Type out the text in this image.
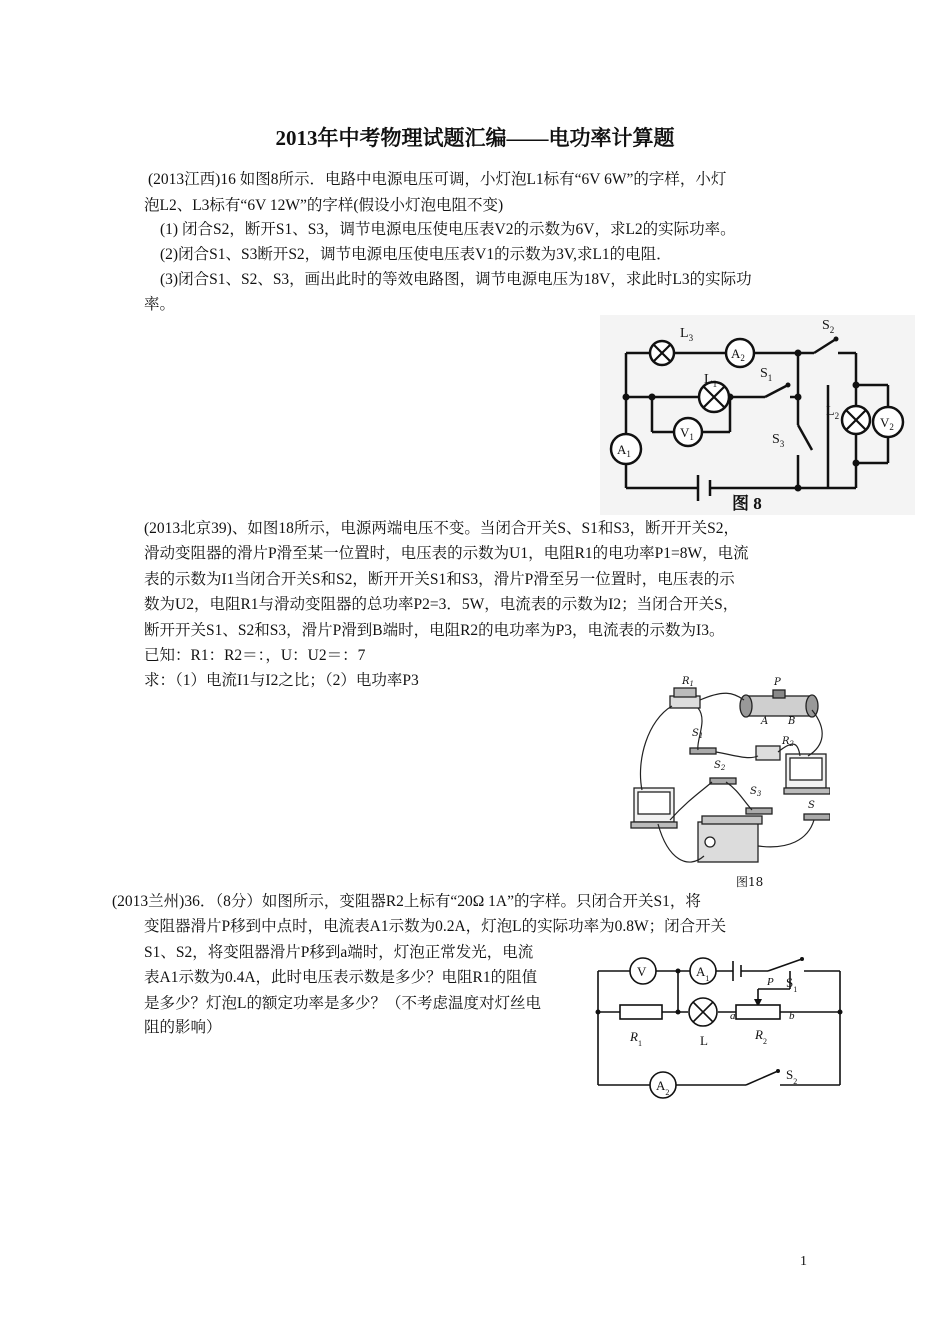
2013年中考物理试题汇编——电功率计算题
(2013江西)16 如图8所示．电路中电源电压可调，小灯泡L1标有“6V 6W”的字样，小灯
泡L2、L3标有“6V 12W”的字样(假设小灯泡电阻不变)
(1) 闭合S2，断开S1、S3，调节电源电压使电压表V2的示数为6V，求L2的实际功率。
(2)闭合S1、S3断开S2，调节电源电压使电压表V1的示数为3V,求L1的电阻．
(3)闭合S1、S2、S3，画出此时的等效电路图，调节电源电压为18V，求此时L3的实际功
率。
$L_3$
$A_2$
$S_2$
$L_1$
$S_1$
$L_2$	$V_2$
$V_1$
$A_1$
$S_3$
图 8
(2013北京39)、如图18所示，电源两端电压不变。当闭合开关S、S1和S3，断开开关S2，
滑动变阻器的滑片P滑至某一位置时，电压表的示数为U1，电阻R1的电功率P1=8W，电流
表的示数为I1当闭合开关S和S2，断开开关S1和S3，滑片P滑至另一位置时，电压表的示
数为U2，电阻R1与滑动变阻器的总功率P2=3．5W，电流表的示数为I2；当闭合开关S，
断开开关S1、S2和S3，滑片P滑到B端时，电阻R2的电功率为P3，电流表的示数为I3。
已知：R1：R2＝：，U：U2＝：7
求：（1）电流I1与I2之比；（2）电功率P3	$R_1$	P
A B
$S_1$	$R_2$
$S_2$
$S_3$
S
图18
(2013兰州)36．（8分）如图所示，变阻器R2上标有“20Ω 1A”的字样。只闭合开关S1，将
变阻器滑片P移到中点时，电流表A1示数为0.2A，灯泡L的实际功率为0.8W；闭合开关
S1、S2，将变阻器滑片P移到a端时，灯泡正常发光，电流
表A1示数为0.4A，此时电压表示数是多少？电阻R1的阻值
是多少？灯泡L的额定功率是多少？（不考虑温度对灯丝电
阻的影响）
V	$A_1$	$S_1$
P
a	b
$R_1$	L	$R_2$
$A_2$
$S_2$
1
